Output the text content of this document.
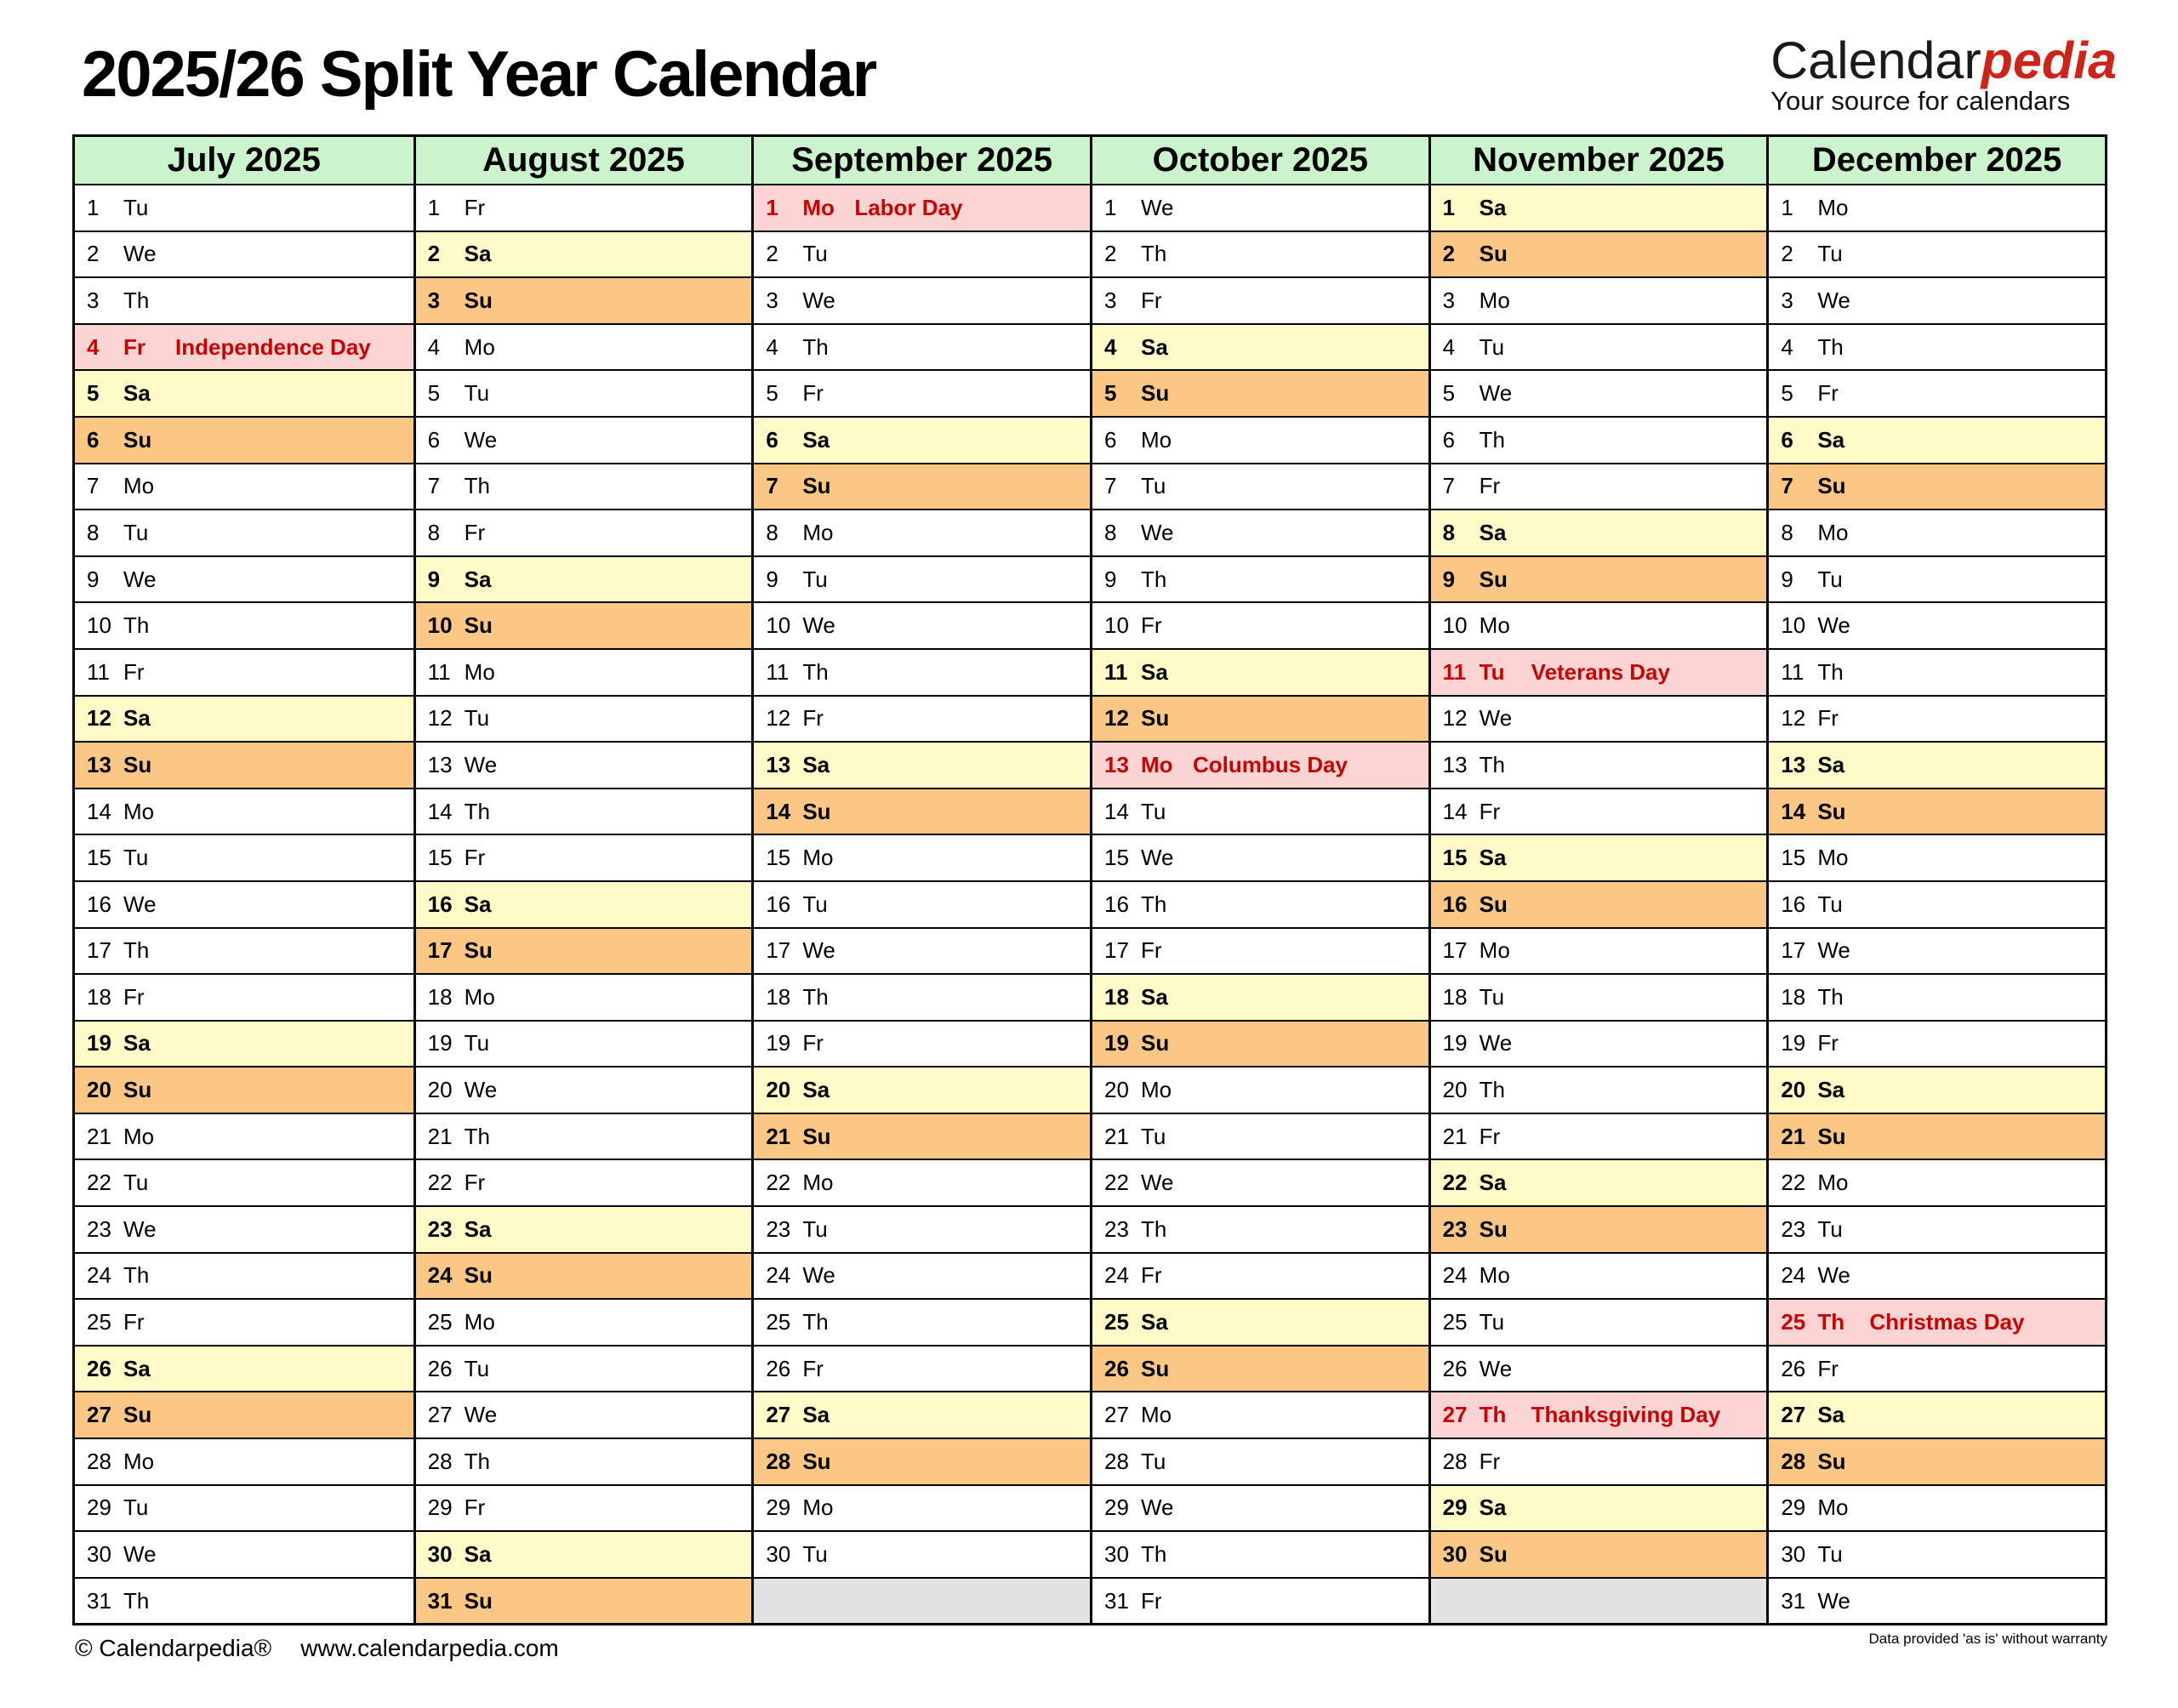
2025/26 Split Year Calendar	Calendarpedia
Your source for calendars
July 2025
1	Tu
2	We
3	Th
4	Fr	Independence Day
5	Sa
6	Su
7	Mo
8	Tu
9	We
10 Th
11 Fr
12 Sa
13 Su
14 Mo
15 Tu
16 We
17 Th
18 Fr
19 Sa
20 Su
21 Mo
22 Tu
23 We
24 Th
25 Fr
26 Sa
27 Su
28 Mo
29 Tu
30 We
31 Th
August 2025
1	Fr
2	Sa
3	Su
4	Mo
5	Tu
6	We
7	Th
8	Fr
9	Sa
10 Su
11 Mo
12 Tu
13 We
14 Th
15 Fr
16 Sa
17 Su
18 Mo
19 Tu
20 We
21 Th
22 Fr
23 Sa
24 Su
25 Mo
26 Tu
27 We
28 Th
29 Fr
30 Sa
31 Su
September 2025
1	Mo Labor Day
2	Tu
3	We
4	Th
5	Fr
6	Sa
7	Su
8	Mo
9	Tu
10 We
11 Th
12 Fr
13 Sa
14 Su
15 Mo
16 Tu
17 We
18 Th
19 Fr
20 Sa
21 Su
22 Mo
23 Tu
24 We
25 Th
26 Fr
27 Sa
28 Su
29 Mo
30 Tu
October 2025
1	We
2	Th
3	Fr
4	Sa
5	Su
6	Mo
7	Tu
8	We
9	Th
10 Fr
11 Sa
12 Su
13 Mo Columbus Day
14 Tu
15 We
16 Th
17 Fr
18 Sa
19 Su
20 Mo
21 Tu
22 We
23 Th
24 Fr
25 Sa
26 Su
27 Mo
28 Tu
29 We
30 Th
31 Fr
November 2025
1	Sa
2	Su
3	Mo
4	Tu
5	We
6	Th
7	Fr
8	Sa
9	Su
10 Mo
11 Tu	Veterans Day
12 We
13 Th
14 Fr
15 Sa
16 Su
17 Mo
18 Tu
19 We
20 Th
21 Fr
22 Sa
23 Su
24 Mo
25 Tu
26 We
27 Th	Thanksgiving Day
28 Fr
29 Sa
30 Su
December 2025
1	Mo
2	Tu
3	We
4	Th
5	Fr
6	Sa
7	Su
8	Mo
9	Tu
10 We
11 Th
12 Fr
13 Sa
14 Su
15 Mo
16 Tu
17 We
18 Th
19 Fr
20 Sa
21 Su
22 Mo
23 Tu
24 We
25 Th	Christmas Day
26 Fr
27 Sa
28 Su
29 Mo
30 Tu
31 We
© Calendarpedia® www.calendarpedia.com	Data provided 'as is' without warranty
